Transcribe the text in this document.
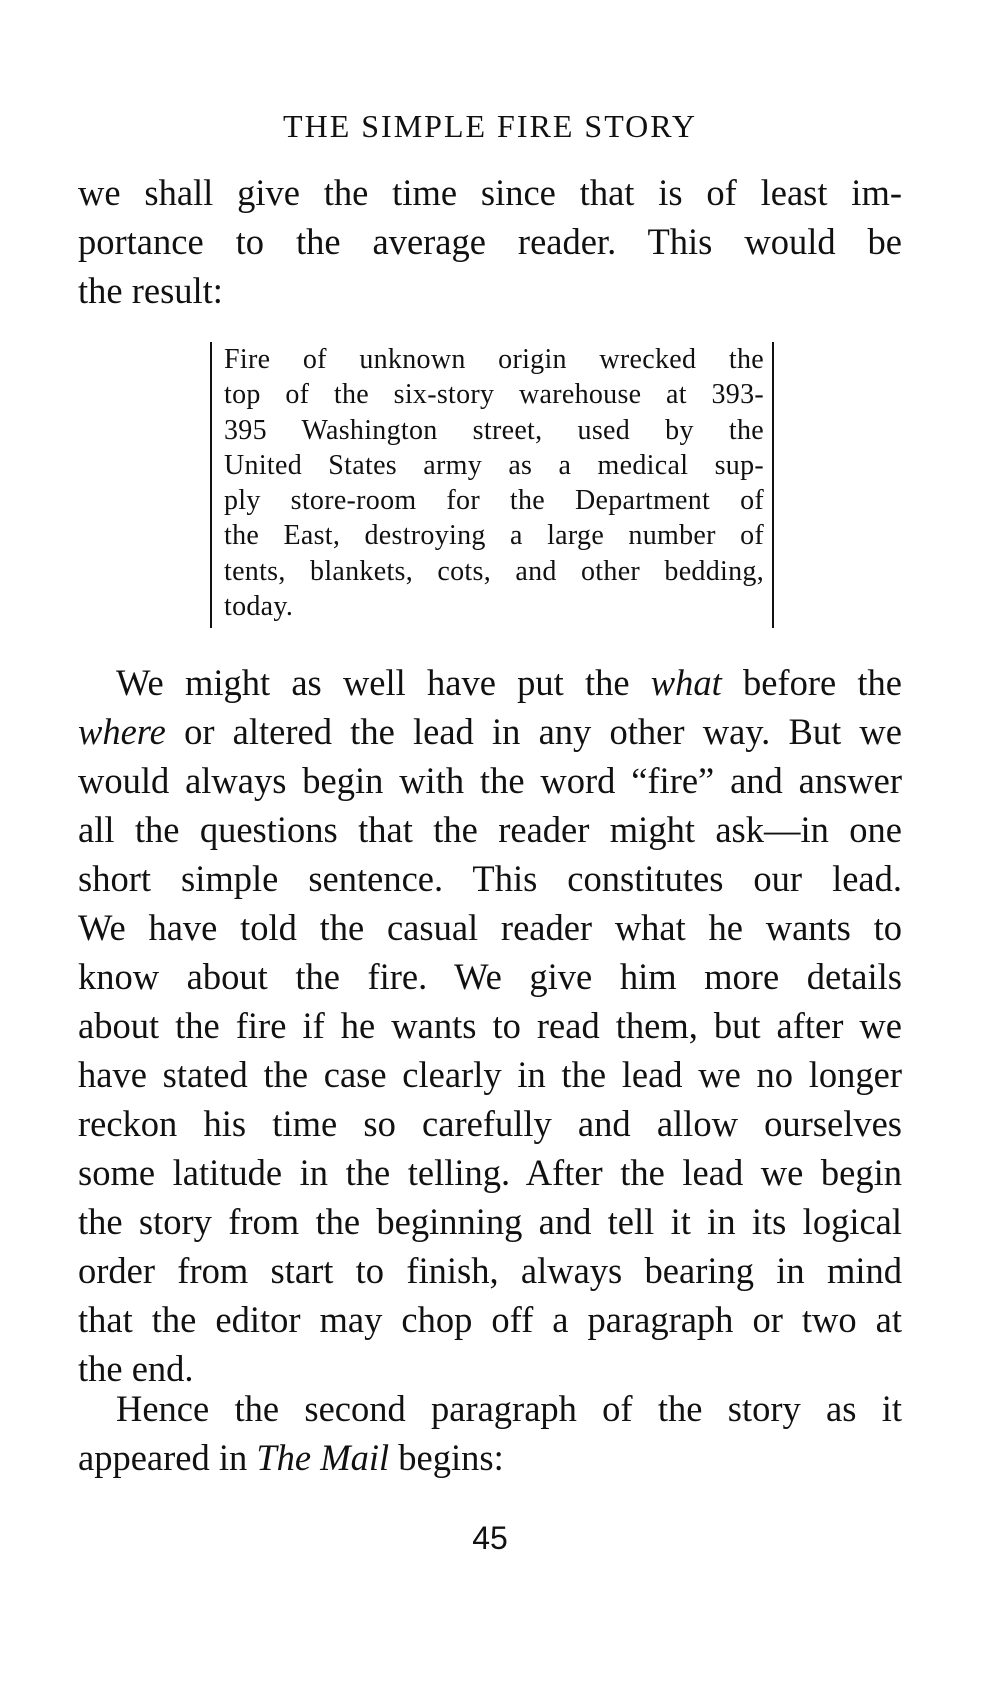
THE SIMPLE FIRE STORY

we shall give the time since that is of least im-
portance to the average reader. This would be
the result:

Fire of unknown origin wrecked the
top of the six-story warehouse at 393-
395 Washington street, used by the
United States army as a medical sup-
ply store-room for the Department of
the East, destroying a large number of
tents, blankets, cots, and other bedding,
today.

We might as well have put the what before the
where or altered the lead in any other way. But we
would always begin with the word “fire” and answer
all the questions that the reader might ask—in one
short simple sentence. This constitutes our lead.
We have told the casual reader what he wants to
know about the fire. We give him more details
about the fire if he wants to read them, but after we
have stated the case clearly in the lead we no longer
reckon his time so carefully and allow ourselves
some latitude in the telling. After the lead we begin
the story from the beginning and tell it in its logical
order from start to finish, always bearing in mind
that the editor may chop off a paragraph or two at
the end.

Hence the second paragraph of the story as it
appeared in The Mail begins:

45
